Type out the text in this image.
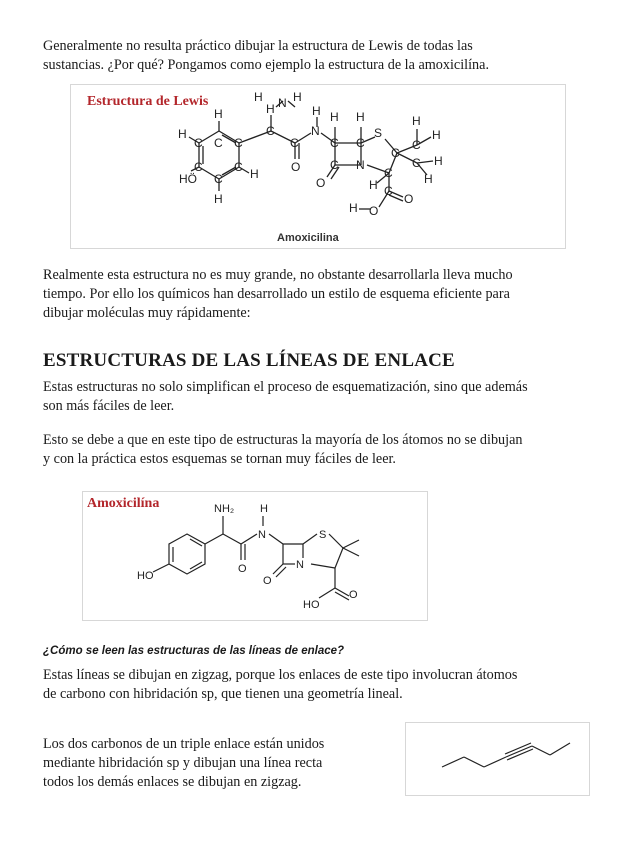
Generalmente no resulta práctico dibujar la estructura de Lewis de todas las
sustancias. ¿Por qué? Pongamos como ejemplo la estructura de la amoxicilína.

Estructura de Lewis
H
H
H
H
HÖ
C C
C
C	C
C
C
H
H N H
C
O
N
H
C
H
C
H
C N
O
S
C
C
H
H
C
H
C H
H
C
O
O
H
Amoxicilina

Realmente esta estructura no es muy grande, no obstante desarrollarla lleva mucho
tiempo. Por ello los químicos han desarrollado un estilo de esquema eficiente para
dibujar moléculas muy rápidamente:

ESTRUCTURAS DE LAS LÍNEAS DE ENLACE

Estas estructuras no solo simplifican el proceso de esquematización, sino que además
son más fáciles de leer.

Esto se debe a que en este tipo de estructuras la mayoría de los átomos no se dibujan
y con la práctica estos esquemas se tornan muy fáciles de leer.

Amoxicilína	NH₂ H
N	S
HO
O
O
N
HO
O
¿Cómo se leen las estructuras de las líneas de enlace?

Estas líneas se dibujan en zigzag, porque los enlaces de este tipo involucran átomos
de carbono con hibridación sp, que tienen una geometría lineal.

Los dos carbonos de un triple enlace están unidos
mediante hibridación sp y dibujan una línea recta
todos los demás enlaces se dibujan en zigzag.
